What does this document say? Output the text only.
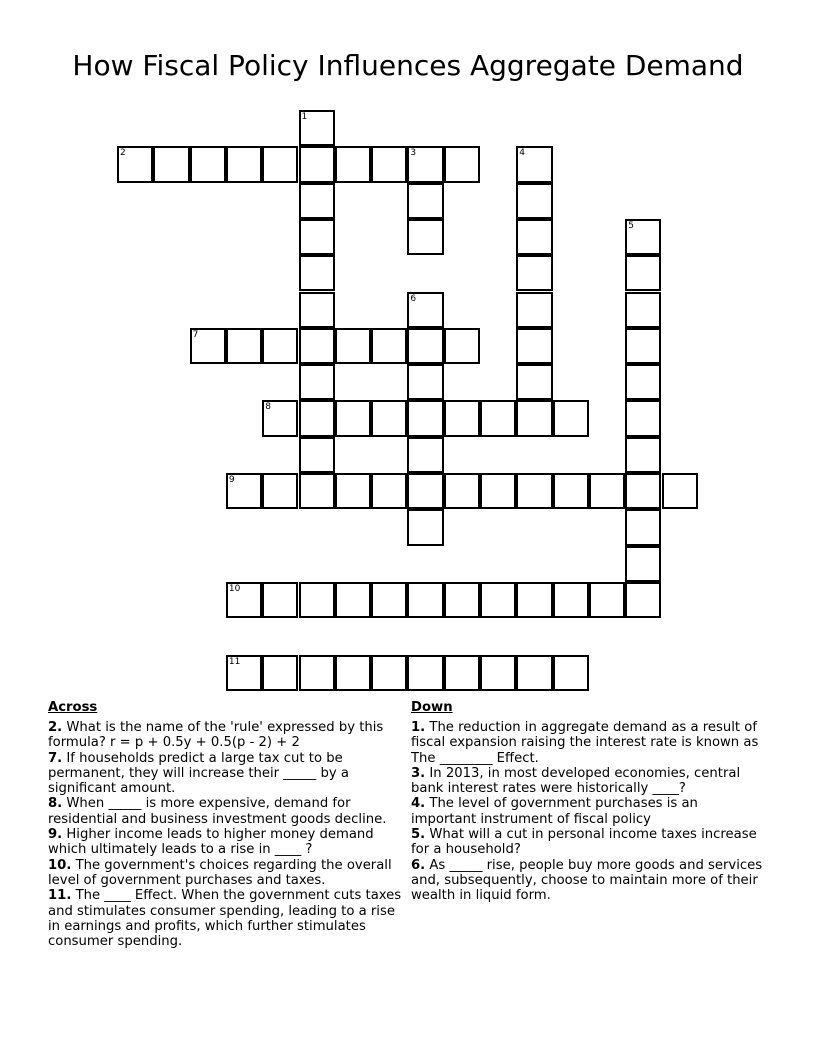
How Fiscal Policy Influences Aggregate Demand
1
2	3	4
5
6
7
8
9
10
11
Across

2. What is the name of the 'rule' expressed by this formula? r = p + 0.5y + 0.5(p - 2) + 2

7. If households predict a large tax cut to be permanent, they will increase their _____ by a significant amount.

8. When _____ is more expensive, demand for residential and business investment goods decline.

9. Higher income leads to higher money demand which ultimately leads to a rise in ____ ?

10. The government's choices regarding the overall level of government purchases and taxes.

11. The ____ Effect. When the government cuts taxes and stimulates consumer spending, leading to a rise in earnings and profits, which further stimulates consumer spending.

Down

1. The reduction in aggregate demand as a result of fiscal expansion raising the interest rate is known as The ________ Effect.

3. In 2013, in most developed economies, central bank interest rates were historically ____?

4. The level of government purchases is an important instrument of fiscal policy

5. What will a cut in personal income taxes increase for a household?

6. As _____ rise, people buy more goods and services and, subsequently, choose to maintain more of their wealth in liquid form.
